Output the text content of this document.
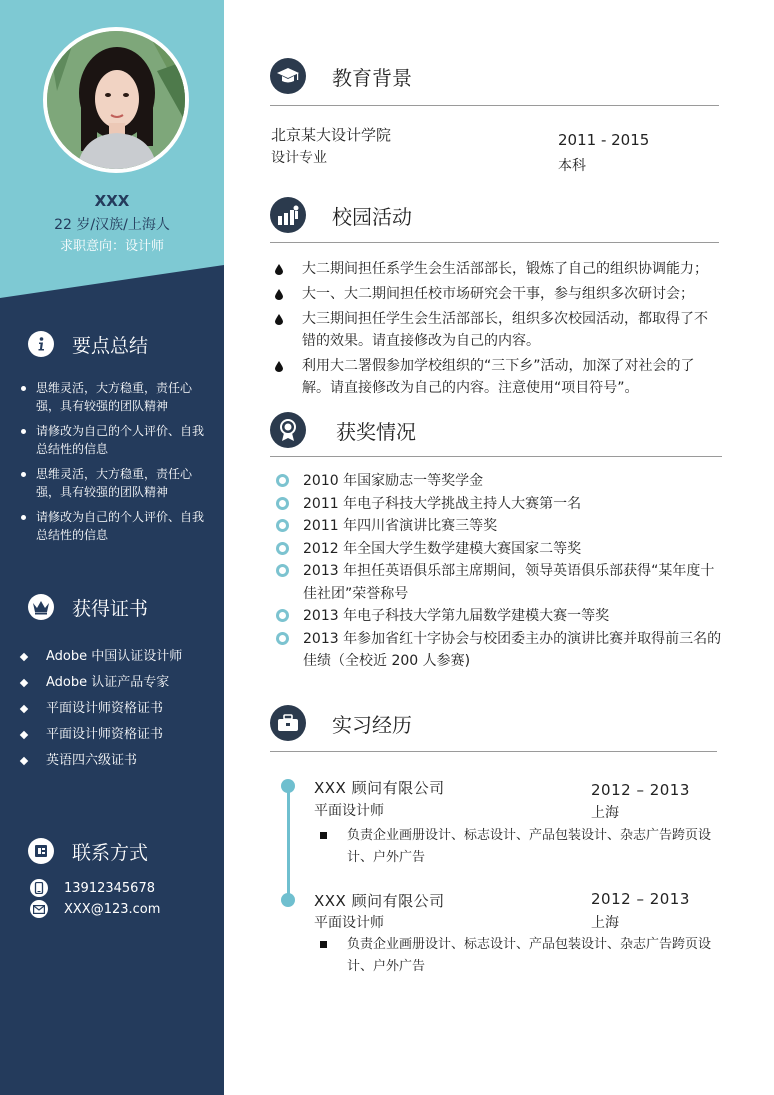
XXX
22 岁/汉族/上海人
求职意向：设计师
要点总结
思维灵活，大方稳重，责任心强，具有较强的团队精神
请修改为自己的个人评价、自我总结性的信息
思维灵活，大方稳重，责任心强，具有较强的团队精神
请修改为自己的个人评价、自我总结性的信息
获得证书
Adobe 中国认证设计师
Adobe 认证产品专家
平面设计师资格证书
平面设计师资格证书
英语四六级证书
联系方式
13912345678
XXX@123.com
教育背景
北京某大设计学院
设计专业
2011 - 2015
本科
校园活动
大二期间担任系学生会生活部部长，锻炼了自己的组织协调能力；
大一、大二期间担任校市场研究会干事，参与组织多次研讨会；
大三期间担任学生会生活部部长，组织多次校园活动，都取得了不错的效果。请直接修改为自己的内容。
利用大二署假参加学校组织的“三下乡”活动，加深了对社会的了解。请直接修改为自己的内容。注意使用“项目符号”。
获奖情况
2010 年国家励志一等奖学金
2011 年电子科技大学挑战主持人大赛第一名
2011 年四川省演讲比赛三等奖
2012 年全国大学生数学建模大赛国家二等奖
2013 年担任英语俱乐部主席期间，领导英语俱乐部获得“某年度十佳社团”荣誉称号
2013 年电子科技大学第九届数学建模大赛一等奖
2013 年参加省红十字协会与校团委主办的演讲比赛并取得前三名的佳绩（全校近 200 人参赛)
实习经历
XXX 顾问有限公司
平面设计师
2012 – 2013
上海
负责企业画册设计、标志设计、产品包装设计、杂志广告跨页设计、户外广告
XXX 顾问有限公司
平面设计师
2012 – 2013
上海
负责企业画册设计、标志设计、产品包装设计、杂志广告跨页设计、户外广告
